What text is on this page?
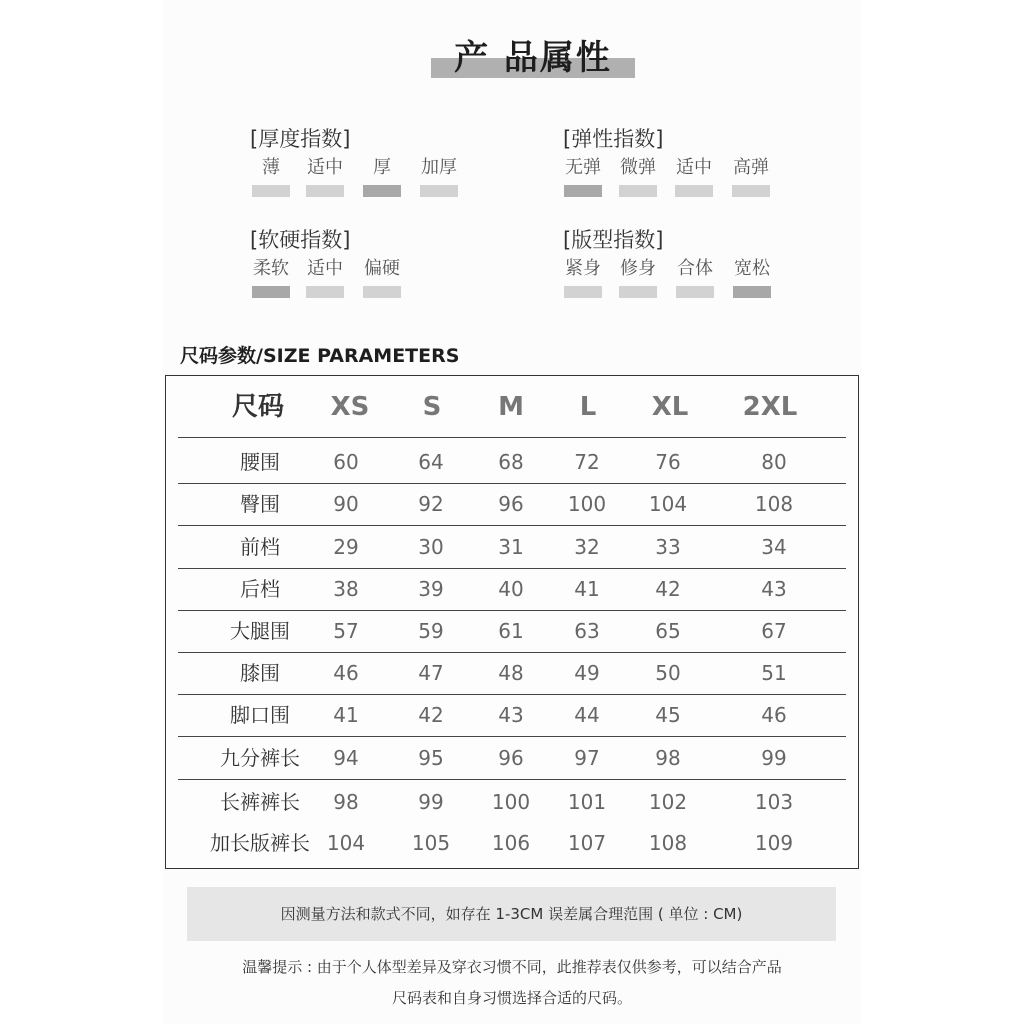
产 品属性
[厚度指数]
薄	适中	厚	加厚
[弹性指数]
无弹	微弹	适中	高弹
[软硬指数]
柔软	适中	偏硬
[版型指数]
紧身	修身	合体	宽松
尺码参数/SIZE PARAMETERS
尺码	XS	S	M	L	XL	2XL
腰围	60	64	68	72	76	80
臀围	90	92	96	100	104	108
前档	29	30	31	32	33	34
后档	38	39	40	41	42	43
大腿围	57	59	61	63	65	67
膝围	46	47	48	49	50	51
脚口围	41	42	43	44	45	46
九分裤长	94	95	96	97	98	99
长裤裤长	98	99	100	101	102	103
加长版裤长 104	105	106	107	108	109
因测量方法和款式不同，如存在 1-3CM 误差属合理范围 ( 单位 : CM)
温馨提示 : 由于个人体型差异及穿衣习惯不同，此推荐表仅供参考，可以结合产品
尺码表和自身习惯选择合适的尺码。
